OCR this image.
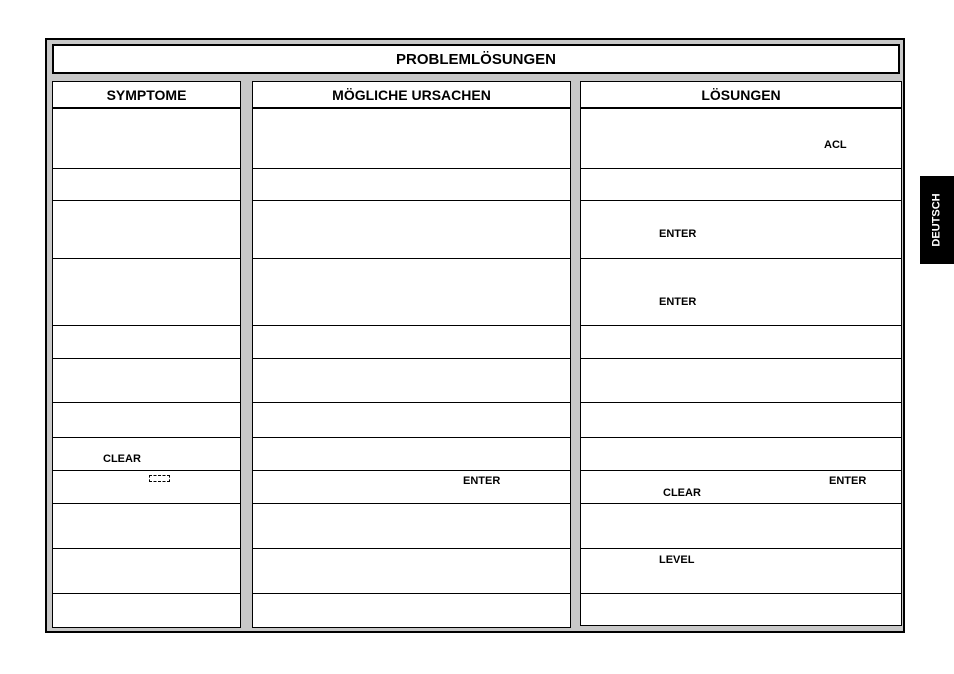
PROBLEMLÖSUNGEN
SYMPTOME
CLEAR
MÖGLICHE URSACHEN
ENTER
LÖSUNGEN
ACL
ENTER
ENTER
ENTER
CLEAR
LEVEL
DEUTSCH
